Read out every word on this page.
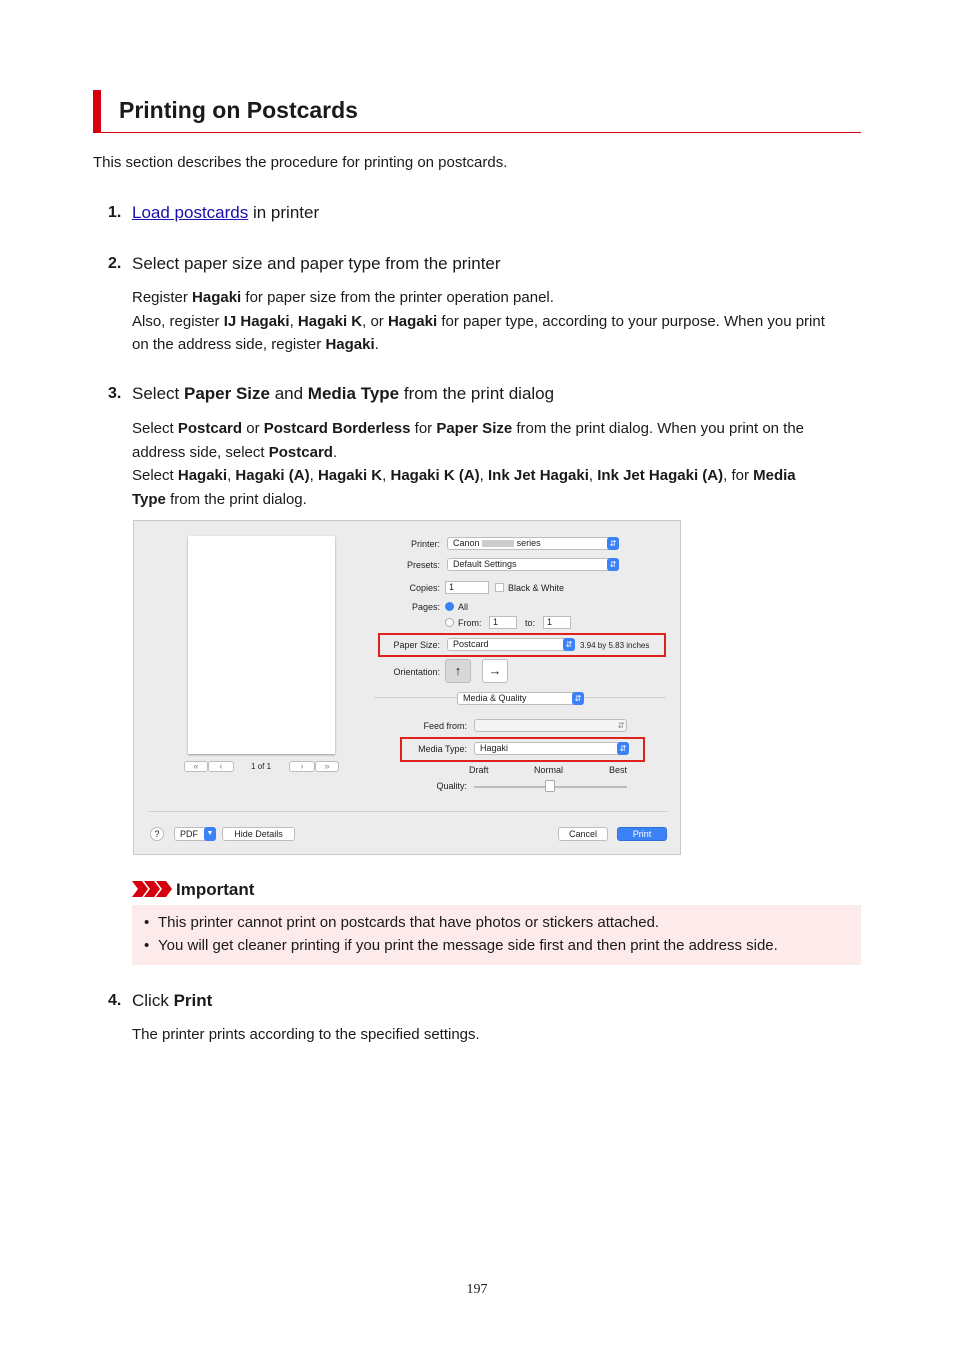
Printing on Postcards
This section describes the procedure for printing on postcards.
1. Load postcards in printer
2. Select paper size and paper type from the printer
Register Hagaki for paper size from the printer operation panel.
Also, register IJ Hagaki, Hagaki K, or Hagaki for paper type, according to your purpose. When you print
on the address side, register Hagaki.
3. Select Paper Size and Media Type from the print dialog
Select Postcard or Postcard Borderless for Paper Size from the print dialog. When you print on the
address side, select Postcard.
Select Hagaki, Hagaki (A), Hagaki K, Hagaki K (A), Ink Jet Hagaki, Ink Jet Hagaki (A), for Media
Type from the print dialog.
«	‹	1 of 1	›	»
Printer:	Canon	series	⇵
Presets:	Default Settings	⇵
Copies:	1	Black & White
Pages: All
From:	1	to:	1
Paper Size:	Postcard	⇵ 3.94 by 5.83 inches
Orientation:	↑	→
Media & Quality	⇵
Feed from:	⇵
Media Type:	Hagaki	⇵
Draft	Normal	Best
Quality:
?	PDF	▼	Hide Details	Cancel	Print
Important
• This printer cannot print on postcards that have photos or stickers attached.
• You will get cleaner printing if you print the message side first and then print the address side.
4. Click Print
The printer prints according to the specified settings.
197
